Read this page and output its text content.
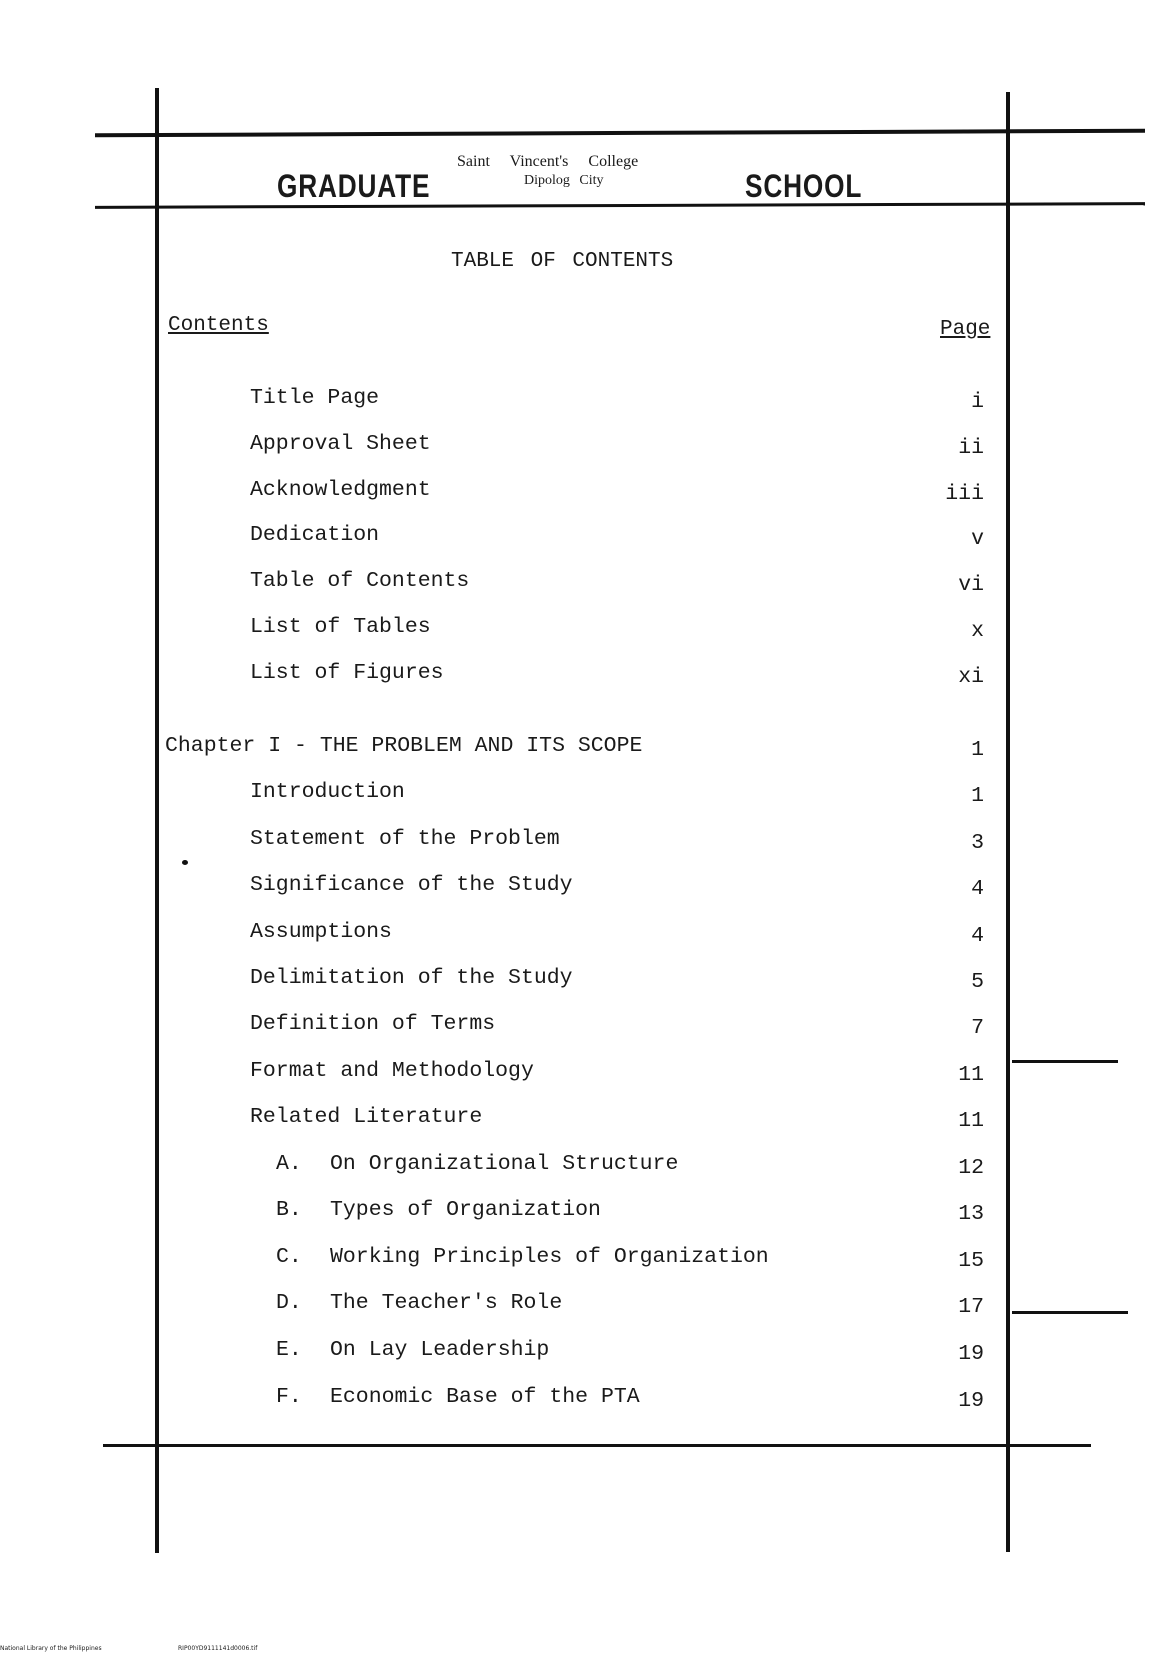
GRADUATE
Saint Vincent's College
Dipolog City	SCHOOL
TABLE OF CONTENTS
Contents	Page
Title Page	i
Approval Sheet	ii
Acknowledgment	iii
Dedication	v
Table of Contents	vi
List of Tables	x
List of Figures	xi
Chapter I - THE PROBLEM AND ITS SCOPE	1
Introduction	1
Statement of the Problem	3
Significance of the Study	4
Assumptions	4
Delimitation of the Study	5
Definition of Terms	7
Format and Methodology	11
Related Literature	11
A. On Organizational Structure	12
B. Types of Organization	13
C. Working Principles of Organization	15
D. The Teacher's Role	17
E. On Lay Leadership	19
F. Economic Base of the PTA	19
National Library of the Philippines	RIP00YD9111141d0006.tif
